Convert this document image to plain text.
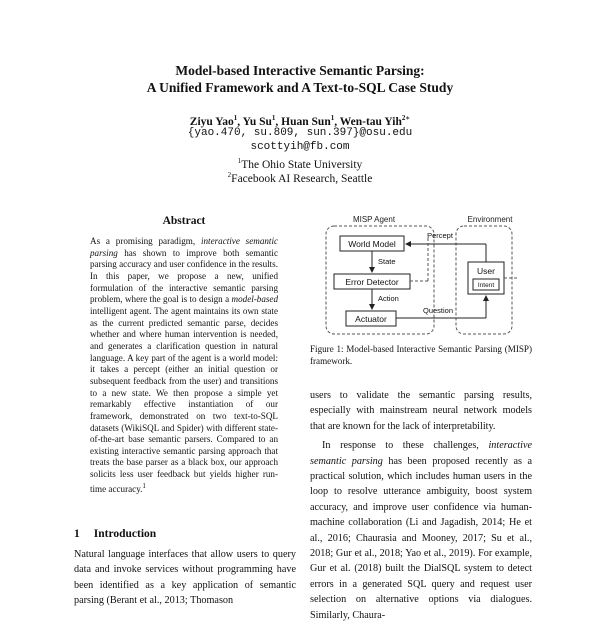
Model-based Interactive Semantic Parsing:
A Unified Framework and A Text-to-SQL Case Study
Ziyu Yao$^1$, Yu Su$^1$, Huan Sun$^1$, Wen-tau Yih$^{2∗}$
{yao.470, su.809, sun.397}@osu.edu
scottyih@fb.com
$^1$The Ohio State University
$^2$Facebook AI Research, Seattle
Abstract
As a promising paradigm, interactive semantic parsing has shown to improve both semantic parsing accuracy and user confidence in the results. In this paper, we propose a new, unified formulation of the interactive semantic parsing problem, where the goal is to design a model-based intelligent agent. The agent maintains its own state as the current predicted semantic parse, decides whether and where human intervention is needed, and generates a clarification question in natural language. A key part of the agent is a world model: it takes a percept (either an initial question or subsequent feedback from the user) and transitions to a new state. We then propose a simple yet remarkably effective instantiation of our framework, demonstrated on two text-to-SQL datasets (WikiSQL and Spider) with different state-of-the-art base semantic parsers. Compared to an existing interactive semantic parsing approach that treats the base parser as a black box, our approach solicits less user feedback but yields higher run-time accuracy.$^1$
1 Introduction
Natural language interfaces that allow users to query data and invoke services without programming have been identified as a key application of semantic parsing (Berant et al., 2013; Thomason
MISP Agent	Environment
World Model
Error Detector
Actuator
User
Intent
Percept
State
Action
Question
Figure 1: Model-based Interactive Semantic Parsing (MISP) framework.

users to validate the semantic parsing results, especially with mainstream neural network models that are known for the lack of interpretability.

In response to these challenges, interactive semantic parsing has been proposed recently as a practical solution, which includes human users in the loop to resolve utterance ambiguity, boost system accuracy, and improve user confidence via human-machine collaboration (Li and Jagadish, 2014; He et al., 2016; Chaurasia and Mooney, 2017; Su et al., 2018; Gur et al., 2018; Yao et al., 2019). For example, Gur et al. (2018) built the DialSQL system to detect errors in a generated SQL query and request user selection on alternative options via dialogues. Similarly, Chaura-
